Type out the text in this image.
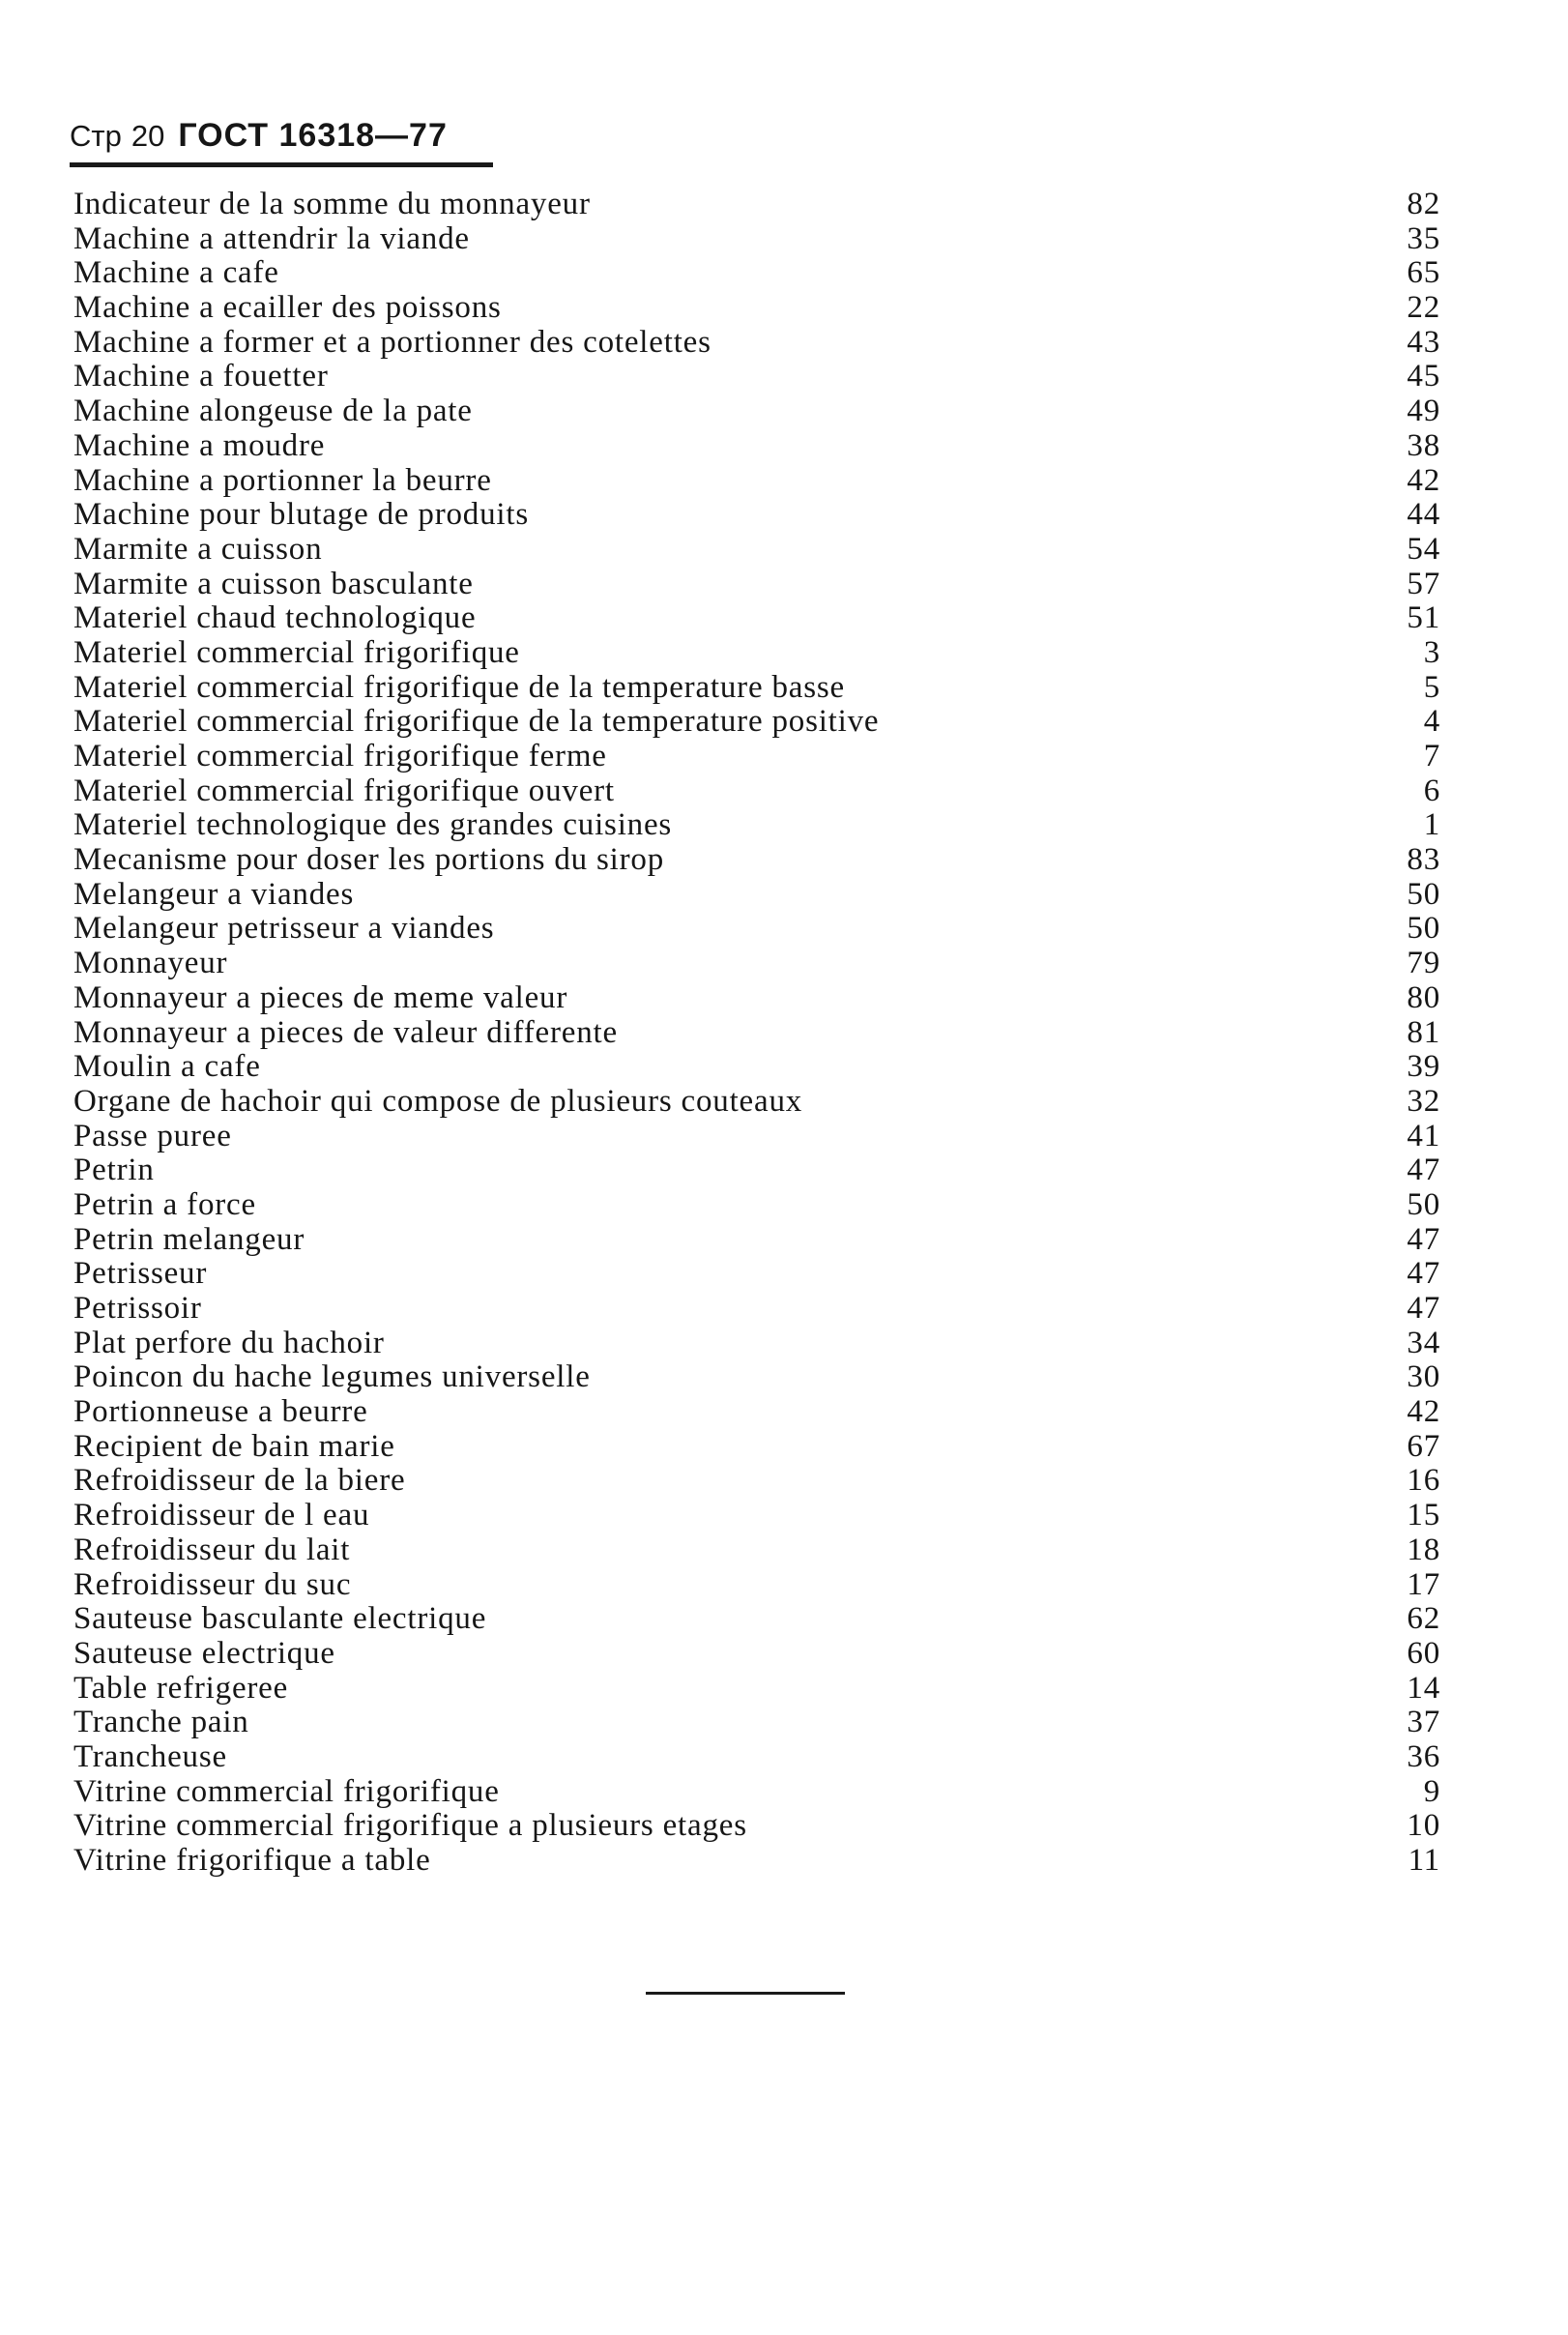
Стр 20 ГОСТ 16318—77
Indicateur de la somme du monnayeur	82
Machine a attendrir la viande	35
Machine a cafe	65
Machine a ecailler des poissons	22
Machine a former et a portionner des cotelettes	43
Machine a fouetter	45
Machine alongeuse de la pate	49
Machine a moudre	38
Machine a portionner la beurre	42
Machine pour blutage de produits	44
Marmite a cuisson	54
Marmite a cuisson basculante	57
Materiel chaud technologique	51
Materiel commercial frigorifique	3
Materiel commercial frigorifique de la temperature basse	5
Materiel commercial frigorifique de la temperature positive	4
Materiel commercial frigorifique ferme	7
Materiel commercial frigorifique ouvert	6
Materiel technologique des grandes cuisines	1
Mecanisme pour doser les portions du sirop	83
Melangeur a viandes	50
Melangeur petrisseur a viandes	50
Monnayeur	79
Monnayeur a pieces de meme valeur	80
Monnayeur a pieces de valeur differente	81
Moulin a cafe	39
Organe de hachoir qui compose de plusieurs couteaux	32
Passe puree	41
Petrin	47
Petrin a force	50
Petrin melangeur	47
Petrisseur	47
Petrissoir	47
Plat perfore du hachoir	34
Poincon du hache legumes universelle	30
Portionneuse a beurre	42
Recipient de bain marie	67
Refroidisseur de la biere	16
Refroidisseur de l eau	15
Refroidisseur du lait	18
Refroidisseur du suc	17
Sauteuse basculante electrique	62
Sauteuse electrique	60
Table refrigeree	14
Tranche pain	37
Trancheuse	36
Vitrine commercial frigorifique	9
Vitrine commercial frigorifique a plusieurs etages	10
Vitrine frigorifique a table	11
